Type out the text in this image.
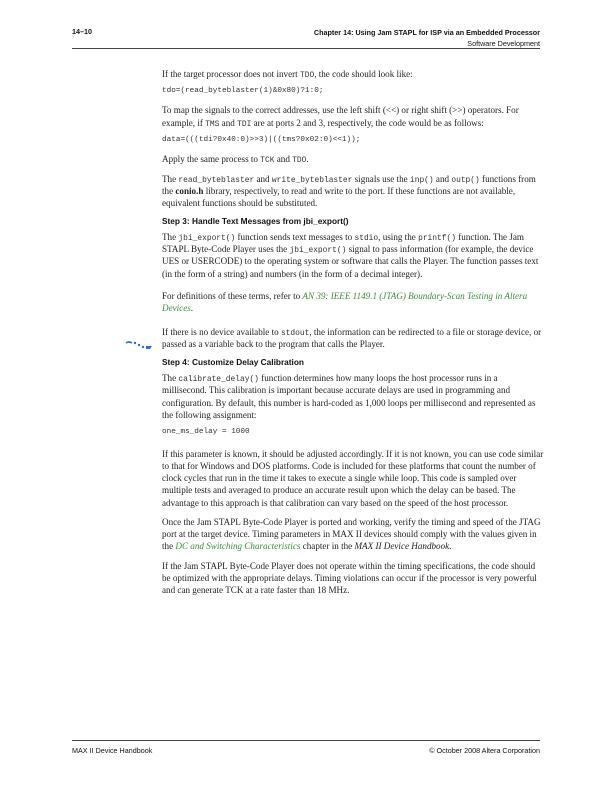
14–10	Chapter 14: Using Jam STAPL for ISP via an Embedded Processor
Software Development

If the target processor does not invert TDO, the code should look like:

tdo=(read_byteblaster(1)&0x80)?1:0;

To map the signals to the correct addresses, use the left shift (<<) or right shift (>>) operators. For example, if TMS and TDI are at ports 2 and 3, respectively, the code would be as follows:

data=(((tdi?0x40:0)>>3)|((tms?0x02:0)<<1));

Apply the same process to TCK and TDO.

The read_byteblaster and write_byteblaster signals use the inp() and outp() functions from the conio.h library, respectively, to read and write to the port. If these functions are not available, equivalent functions should be substituted.

Step 3: Handle Text Messages from jbi_export()

The jbi_export() function sends text messages to stdio, using the printf() function. The Jam STAPL Byte-Code Player uses the jbi_export() signal to pass information (for example, the device UES or USERCODE) to the operating system or software that calls the Player. The function passes text (in the form of a string) and numbers (in the form of a decimal integer).

For definitions of these terms, refer to AN 39: IEEE 1149.1 (JTAG) Boundary-Scan Testing in Altera Devices.

If there is no device available to stdout, the information can be redirected to a file or storage device, or passed as a variable back to the program that calls the Player.

Step 4: Customize Delay Calibration

The calibrate_delay() function determines how many loops the host processor runs in a millisecond. This calibration is important because accurate delays are used in programming and configuration. By default, this number is hard-coded as 1,000 loops per millisecond and represented as the following assignment:

one_ms_delay = 1000

If this parameter is known, it should be adjusted accordingly. If it is not known, you can use code similar to that for Windows and DOS platforms. Code is included for these platforms that count the number of clock cycles that run in the time it takes to execute a single while loop. This code is sampled over multiple tests and averaged to produce an accurate result upon which the delay can be based. The advantage to this approach is that calibration can vary based on the speed of the host processor.

Once the Jam STAPL Byte-Code Player is ported and working, verify the timing and speed of the JTAG port at the target device. Timing parameters in MAX II devices should comply with the values given in the DC and Switching Characteristics chapter in the MAX II Device Handbook.

If the Jam STAPL Byte-Code Player does not operate within the timing specifications, the code should be optimized with the appropriate delays. Timing violations can occur if the processor is very powerful and can generate TCK at a rate faster than 18 MHz.

MAX II Device Handbook	© October 2008 Altera Corporation
